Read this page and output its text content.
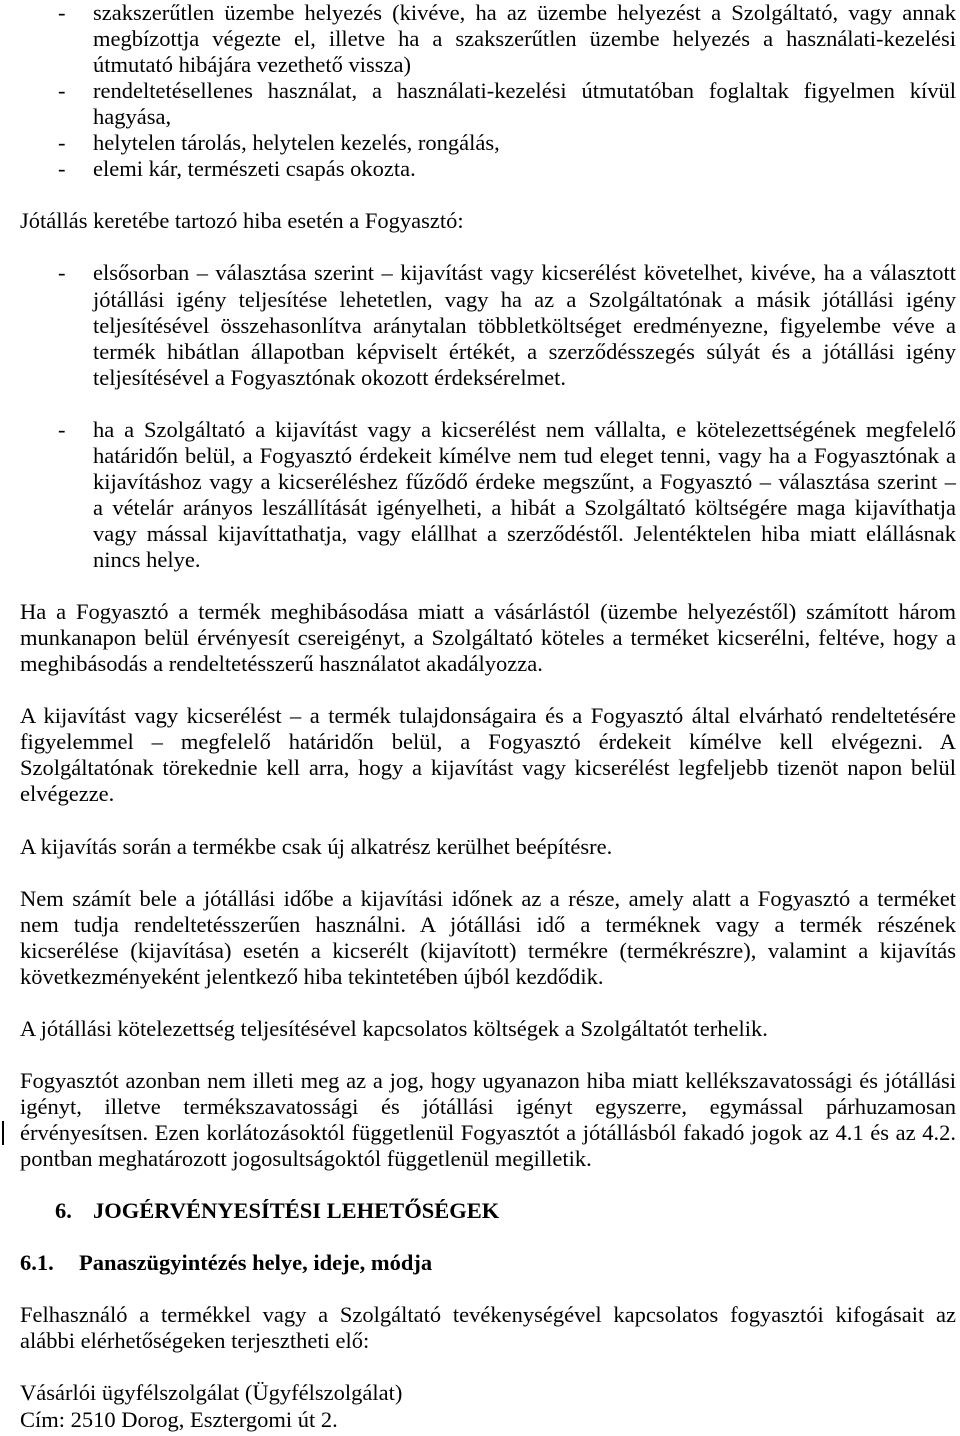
- szakszerűtlen üzembe helyezés (kivéve, ha az üzembe helyezést a Szolgáltató, vagy annak
megbízottja végezte el, illetve ha a szakszerűtlen üzembe helyezés a használati-kezelési
útmutató hibájára vezethető vissza)
- rendeltetésellenes használat, a használati-kezelési útmutatóban foglaltak figyelmen kívül
hagyása,
- helytelen tárolás, helytelen kezelés, rongálás,
- elemi kár, természeti csapás okozta.
Jótállás keretébe tartozó hiba esetén a Fogyasztó:
- elsősorban – választása szerint – kijavítást vagy kicserélést követelhet, kivéve, ha a választott
jótállási igény teljesítése lehetetlen, vagy ha az a Szolgáltatónak a másik jótállási igény
teljesítésével összehasonlítva aránytalan többletköltséget eredményezne, figyelembe véve a
termék hibátlan állapotban képviselt értékét, a szerződésszegés súlyát és a jótállási igény
teljesítésével a Fogyasztónak okozott érdeksérelmet.
- ha a Szolgáltató a kijavítást vagy a kicserélést nem vállalta, e kötelezettségének megfelelő
határidőn belül, a Fogyasztó érdekeit kímélve nem tud eleget tenni, vagy ha a Fogyasztónak a
kijavításhoz vagy a kicseréléshez fűződő érdeke megszűnt, a Fogyasztó – választása szerint –
a vételár arányos leszállítását igényelheti, a hibát a Szolgáltató költségére maga kijavíthatja
vagy mással kijavíttathatja, vagy elállhat a szerződéstől. Jelentéktelen hiba miatt elállásnak
nincs helye.
Ha a Fogyasztó a termék meghibásodása miatt a vásárlástól (üzembe helyezéstől) számított három
munkanapon belül érvényesít csereigényt, a Szolgáltató köteles a terméket kicserélni, feltéve, hogy a
meghibásodás a rendeltetésszerű használatot akadályozza.
A kijavítást vagy kicserélést – a termék tulajdonságaira és a Fogyasztó által elvárható rendeltetésére
figyelemmel – megfelelő határidőn belül, a Fogyasztó érdekeit kímélve kell elvégezni. A
Szolgáltatónak törekednie kell arra, hogy a kijavítást vagy kicserélést legfeljebb tizenöt napon belül
elvégezze.
A kijavítás során a termékbe csak új alkatrész kerülhet beépítésre.
Nem számít bele a jótállási időbe a kijavítási időnek az a része, amely alatt a Fogyasztó a terméket
nem tudja rendeltetésszerűen használni. A jótállási idő a terméknek vagy a termék részének
kicserélése (kijavítása) esetén a kicserélt (kijavított) termékre (termékrészre), valamint a kijavítás
következményeként jelentkező hiba tekintetében újból kezdődik.
A jótállási kötelezettség teljesítésével kapcsolatos költségek a Szolgáltatót terhelik.
Fogyasztót azonban nem illeti meg az a jog, hogy ugyanazon hiba miatt kellékszavatossági és jótállási
igényt, illetve termékszavatossági és jótállási igényt egyszerre, egymással párhuzamosan
érvényesítsen. Ezen korlátozásoktól függetlenül Fogyasztót a jótállásból fakadó jogok az 4.1 és az 4.2.
pontban meghatározott jogosultságoktól függetlenül megilletik.
6. JOGÉRVÉNYESÍTÉSI LEHETŐSÉGEK
6.1. Panaszügyintézés helye, ideje, módja
Felhasználó a termékkel vagy a Szolgáltató tevékenységével kapcsolatos fogyasztói kifogásait az
alábbi elérhetőségeken terjesztheti elő:
Vásárlói ügyfélszolgálat (Ügyfélszolgálat)
Cím: 2510 Dorog, Esztergomi út 2.
